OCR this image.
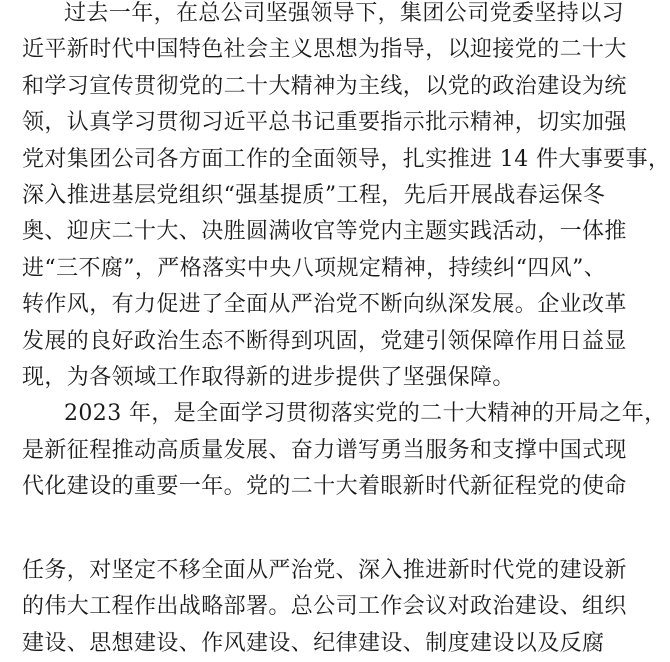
过去一年，在总公司坚强领导下，集团公司党委坚持以习
近平新时代中国特色社会主义思想为指导，以迎接党的二十大
和学习宣传贯彻党的二十大精神为主线，以党的政治建设为统
领，认真学习贯彻习近平总书记重要指示批示精神，切实加强
党对集团公司各方面工作的全面领导，扎实推进 14 件大事要事，
深入推进基层党组织“强基提质”工程，先后开展战春运保冬
奥、迎庆二十大、决胜圆满收官等党内主题实践活动，一体推
进“三不腐”，严格落实中央八项规定精神，持续纠“四风”、
转作风，有力促进了全面从严治党不断向纵深发展。企业改革
发展的良好政治生态不断得到巩固，党建引领保障作用日益显
现，为各领域工作取得新的进步提供了坚强保障。
2023 年，是全面学习贯彻落实党的二十大精神的开局之年，
是新征程推动高质量发展、奋力谱写勇当服务和支撑中国式现
代化建设的重要一年。党的二十大着眼新时代新征程党的使命
任务，对坚定不移全面从严治党、深入推进新时代党的建设新
的伟大工程作出战略部署。总公司工作会议对政治建设、组织
建设、思想建设、作风建设、纪律建设、制度建设以及反腐
